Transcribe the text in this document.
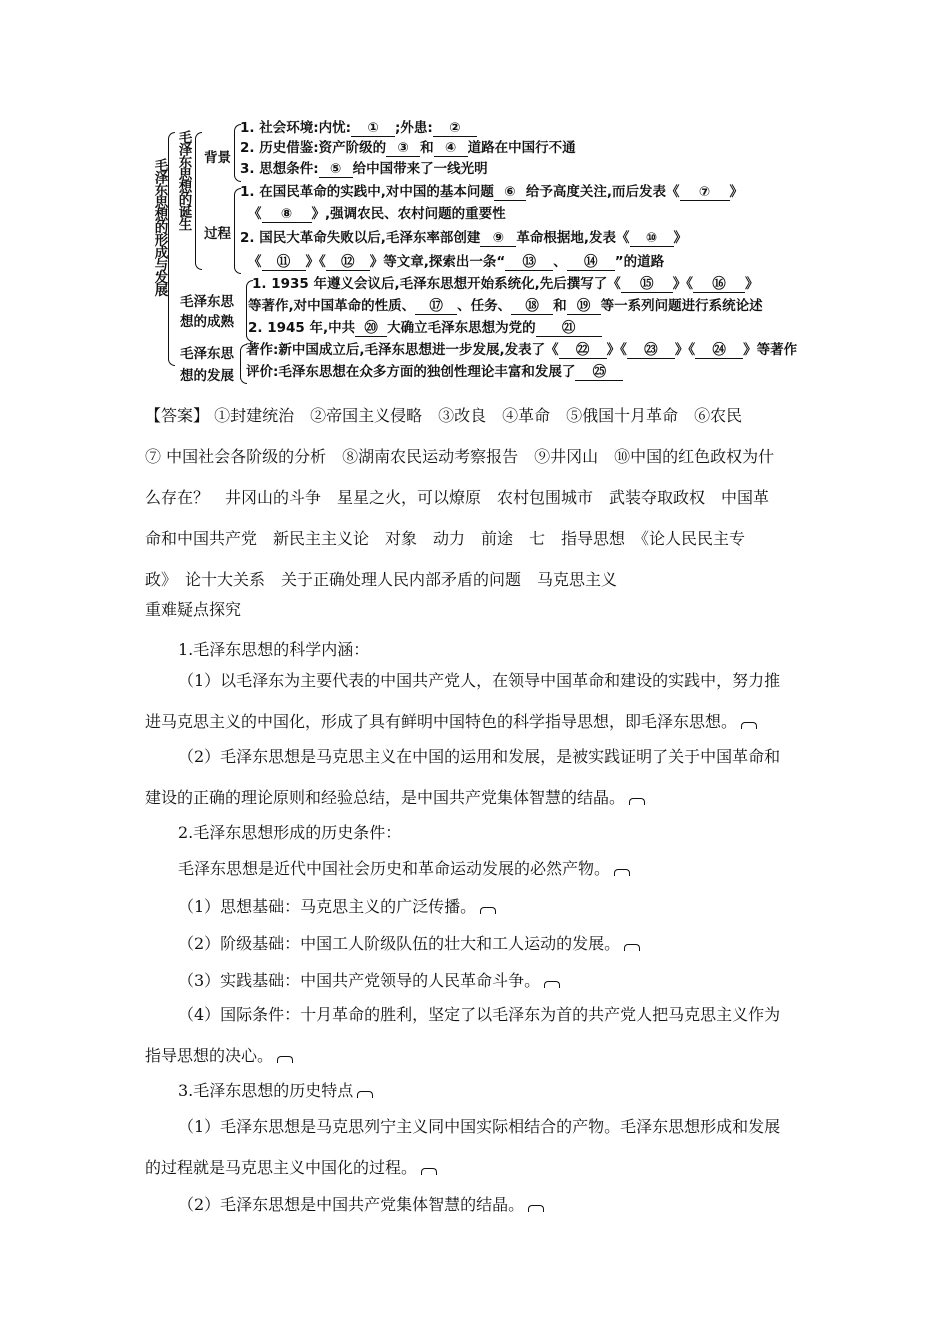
毛泽东思想的形成与发展 毛泽东思想的诞生 背景
1. 社会环境:内忧: ① ;外患: ②
2. 历史借鉴:资产阶级的 ③ 和 ④ 道路在中国行不通
3. 思想条件: ⑤ 给中国带来了一线光明
过程
1. 在国民革命的实践中,对中国的基本问题 ⑥ 给予高度关注,而后发表《 ⑦ 》
《 ⑧ 》,强调农民、农村问题的重要性
2. 国民大革命失败以后,毛泽东率部创建 ⑨ 革命根据地,发表《 ⑩ 》
《 ⑪ 》《 ⑫ 》等文章,探索出一条“ ⑬ 、 ⑭ ”的道路
毛泽东思
想的成熟
1. 1935 年遵义会议后,毛泽东思想开始系统化,先后撰写了《 ⑮ 》《 ⑯ 》
等著作,对中国革命的性质、 ⑰ 、任务、 ⑱ 和 ⑲ 等一系列问题进行系统论述
2. 1945 年,中共 ⑳ 大确立毛泽东思想为党的 ㉑
毛泽东思
想的发展
著作:新中国成立后,毛泽东思想进一步发展,发表了《 ㉒ 》《 ㉓ 》《 ㉔ 》等著作
评价:毛泽东思想在众多方面的独创性理论丰富和发展了 ㉕
【答案】 ①封建统治　②帝国主义侵略　③改良　④革命　⑤俄国十月革命　⑥农民
⑦ 中国社会各阶级的分析　⑧湖南农民运动考察报告　⑨井冈山　⑩中国的红色政权为什
么存在？　井冈山的斗争　星星之火，可以燎原　农村包围城市　武装夺取政权　中国革
命和中国共产党　新民主主义论　对象　动力　前途　七　指导思想　《论人民民主专
政》　论十大关系　关于正确处理人民内部矛盾的问题　马克思主义
重难疑点探究
1.毛泽东思想的科学内涵：
（1）以毛泽东为主要代表的中国共产党人，在领导中国革命和建设的实践中，努力推
进马克思主义的中国化，形成了具有鲜明中国特色的科学指导思想，即毛泽东思想。
（2）毛泽东思想是马克思主义在中国的运用和发展，是被实践证明了关于中国革命和
建设的正确的理论原则和经验总结，是中国共产党集体智慧的结晶。
2.毛泽东思想形成的历史条件：
毛泽东思想是近代中国社会历史和革命运动发展的必然产物。
（1）思想基础：马克思主义的广泛传播。
（2）阶级基础：中国工人阶级队伍的壮大和工人运动的发展。
（3）实践基础：中国共产党领导的人民革命斗争。
（4）国际条件：十月革命的胜利，坚定了以毛泽东为首的共产党人把马克思主义作为
指导思想的决心。
3.毛泽东思想的历史特点
（1）毛泽东思想是马克思列宁主义同中国实际相结合的产物。毛泽东思想形成和发展
的过程就是马克思主义中国化的过程。
（2）毛泽东思想是中国共产党集体智慧的结晶。
